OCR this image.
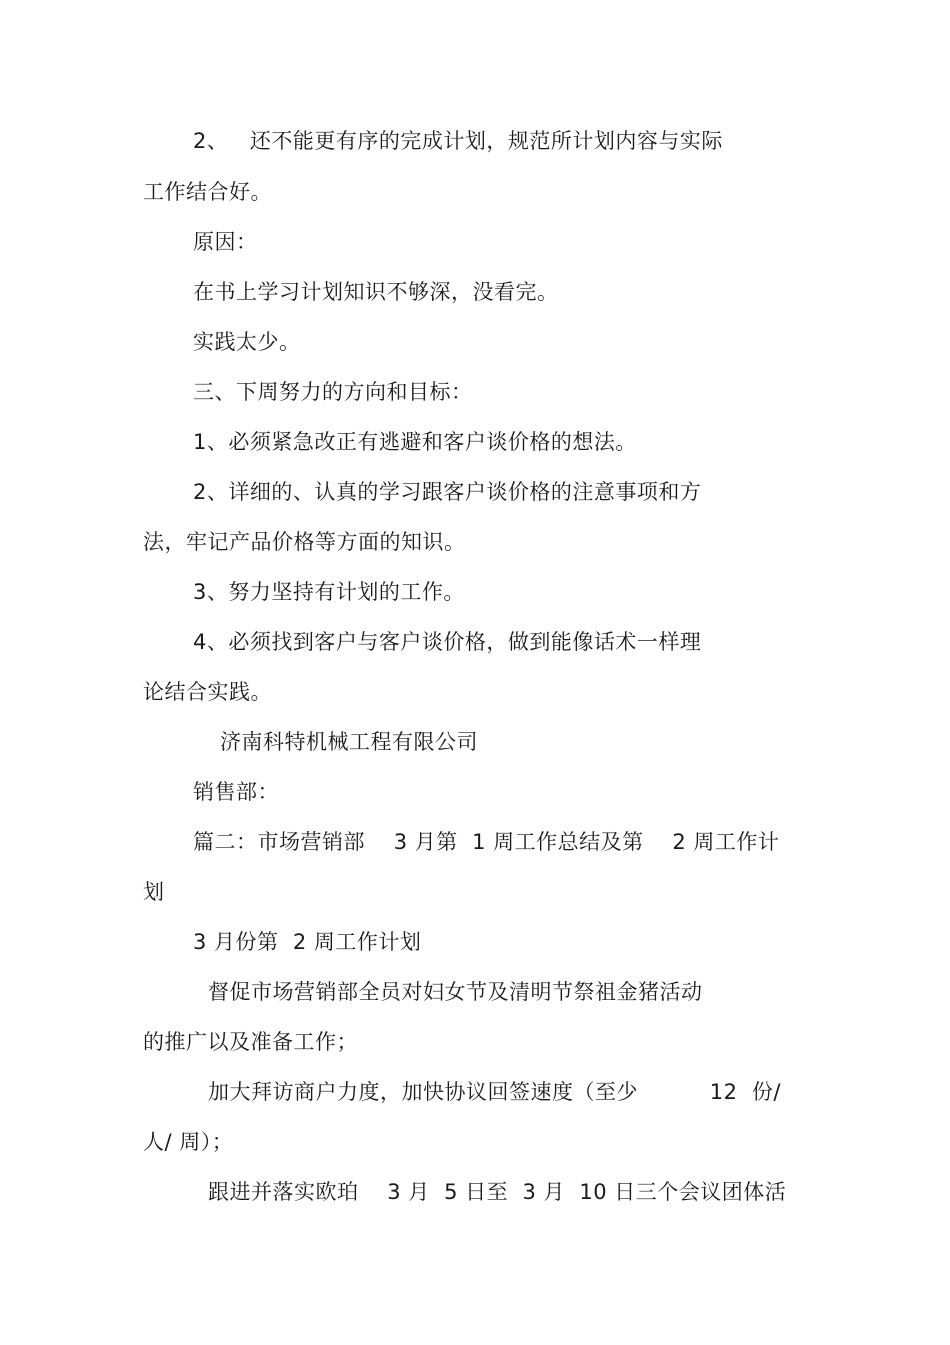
2、   还不能更有序的完成计划，规范所计划内容与实际
工作结合好。
原因：
在书上学习计划知识不够深，没看完。
实践太少。
三、下周努力的方向和目标：
1、必须紧急改正有逃避和客户谈价格的想法。
2、详细的、认真的学习跟客户谈价格的注意事项和方
法，牢记产品价格等方面的知识。
3、努力坚持有计划的工作。
4、必须找到客户与客户谈价格，做到能像话术一样理
论结合实践。
济南科特机械工程有限公司
销售部：
篇二：市场营销部    3 月第  1 周工作总结及第    2 周工作计
划
3 月份第  2 周工作计划
督促市场营销部全员对妇女节及清明节祭祖金猪活动
的推广以及准备工作；
加大拜访商户力度，加快协议回签速度（至少          12  份/
人/ 周）；
跟进并落实欧珀    3 月  5 日至  3 月  10 日三个会议团体活
